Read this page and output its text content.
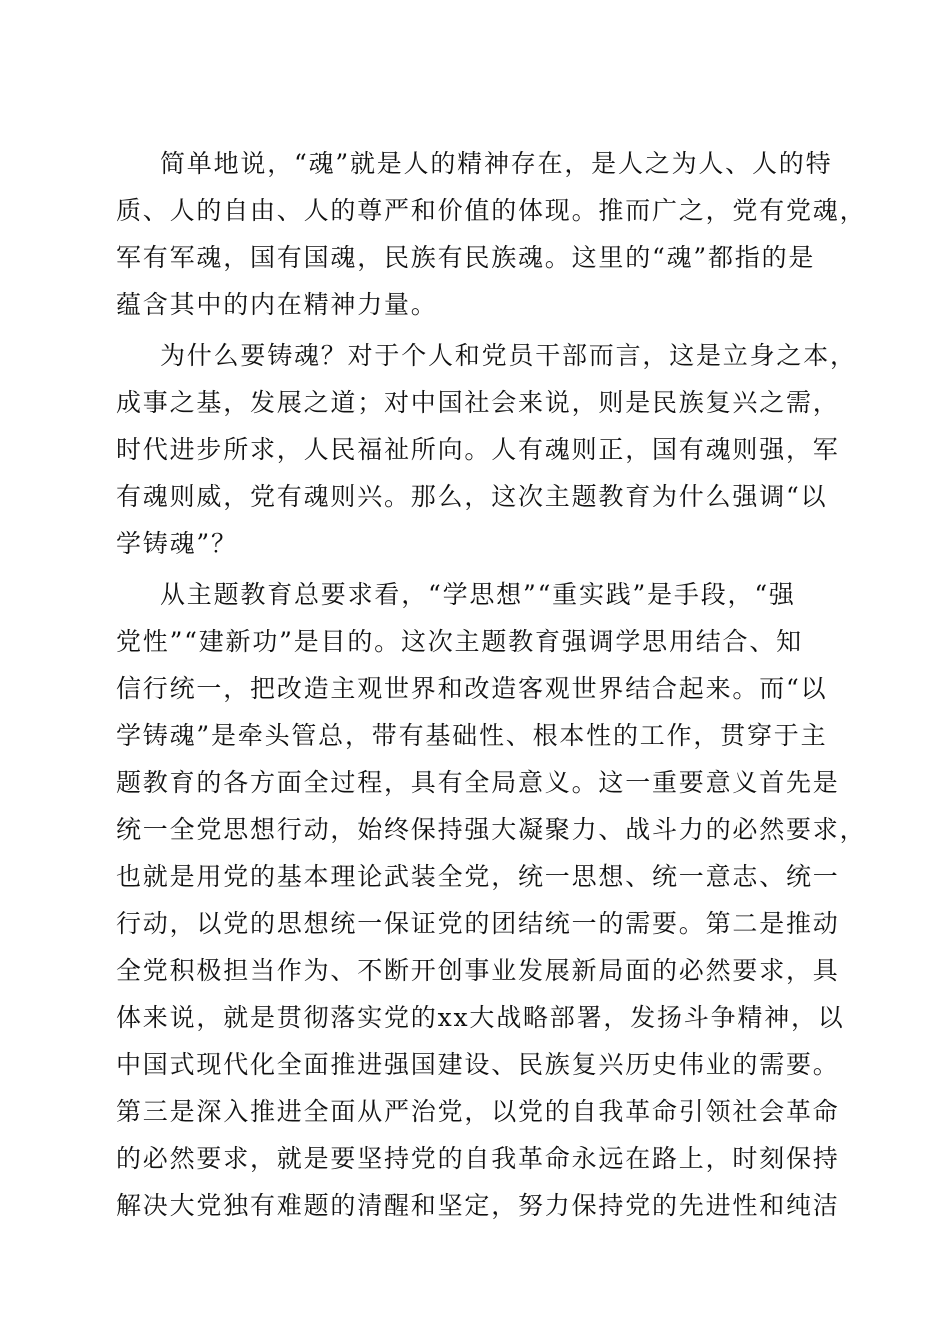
简单地说，“魂”就是人的精神存在，是人之为人、人的特
质、人的自由、人的尊严和价值的体现。推而广之，党有党魂，
军有军魂，国有国魂，民族有民族魂。这里的“魂”都指的是
蕴含其中的内在精神力量。
为什么要铸魂？对于个人和党员干部而言，这是立身之本，
成事之基，发展之道；对中国社会来说，则是民族复兴之需，
时代进步所求，人民福祉所向。人有魂则正，国有魂则强，军
有魂则威，党有魂则兴。那么，这次主题教育为什么强调“以
学铸魂”？
从主题教育总要求看，“学思想”“重实践”是手段，“强
党性”“建新功”是目的。这次主题教育强调学思用结合、知
信行统一，把改造主观世界和改造客观世界结合起来。而“以
学铸魂”是牵头管总，带有基础性、根本性的工作，贯穿于主
题教育的各方面全过程，具有全局意义。这一重要意义首先是
统一全党思想行动，始终保持强大凝聚力、战斗力的必然要求，
也就是用党的基本理论武装全党，统一思想、统一意志、统一
行动，以党的思想统一保证党的团结统一的需要。第二是推动
全党积极担当作为、不断开创事业发展新局面的必然要求，具
体来说，就是贯彻落实党的xx大战略部署，发扬斗争精神，以
中国式现代化全面推进强国建设、民族复兴历史伟业的需要。
第三是深入推进全面从严治党，以党的自我革命引领社会革命
的必然要求，就是要坚持党的自我革命永远在路上，时刻保持
解决大党独有难题的清醒和坚定，努力保持党的先进性和纯洁
